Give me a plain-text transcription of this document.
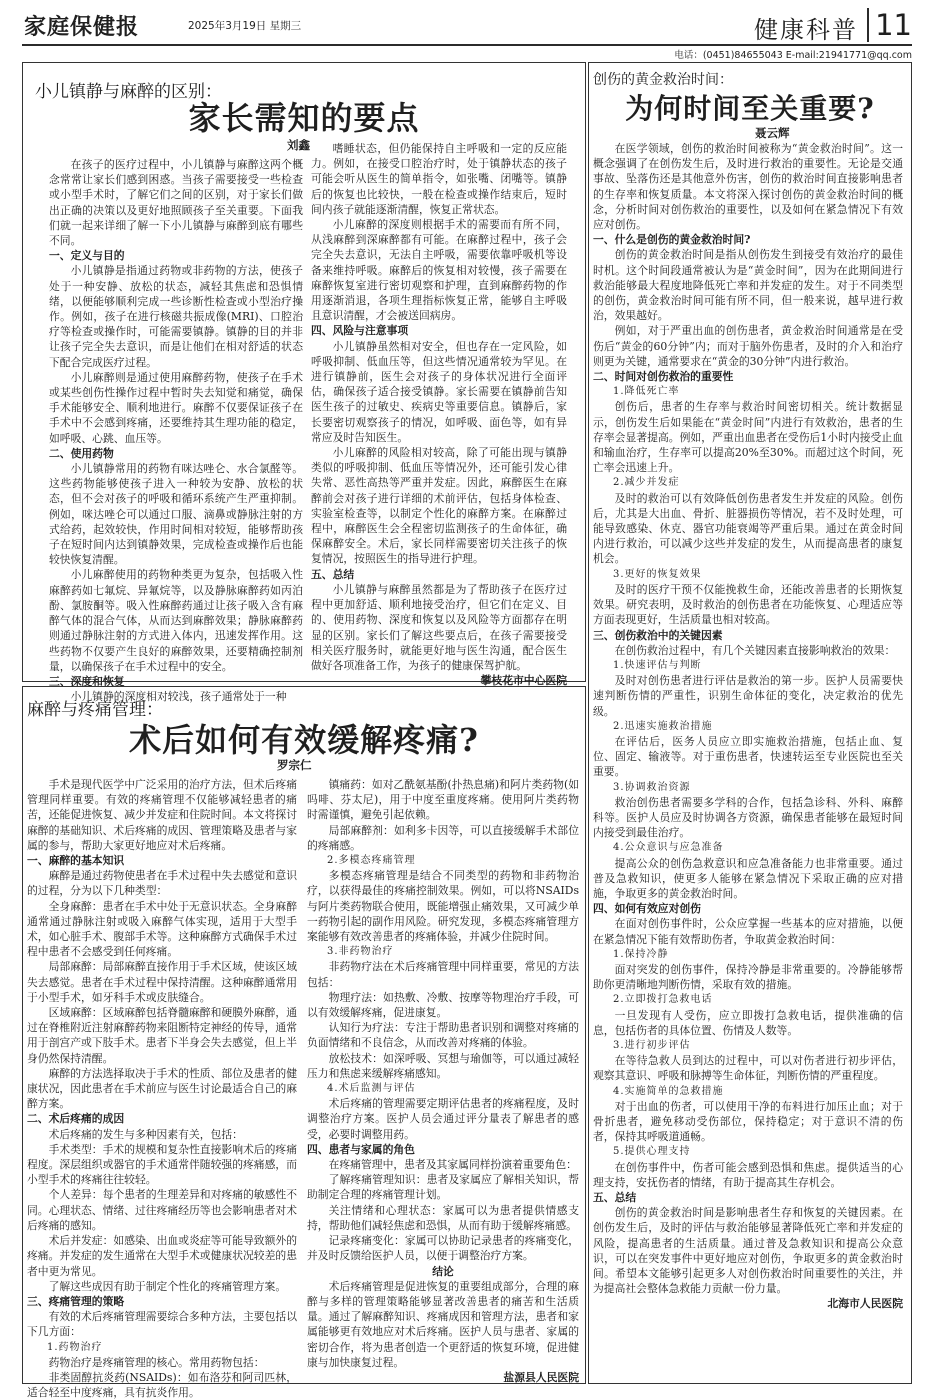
家庭保健报	2025年3月19日 星期三	健康科普 11
电话：(0451)84655043 E-mail:21941771@qq.com
小儿镇静与麻醉的区别：
家长需知的要点
刘鑫

在孩子的医疗过程中，小儿镇静与麻醉这两个概念常常让家长们感到困惑。当孩子需要接受一些检查或小型手术时，了解它们之间的区别，对于家长们做出正确的决策以及更好地照顾孩子至关重要。下面我们就一起来详细了解一下小儿镇静与麻醉到底有哪些不同。

一、定义与目的

小儿镇静是指通过药物或非药物的方法，使孩子处于一种安静、放松的状态，减轻其焦虑和恐惧情绪，以便能够顺利完成一些诊断性检查或小型治疗操作。例如，孩子在进行核磁共振成像(MRI)、口腔治疗等检查或操作时，可能需要镇静。镇静的目的并非让孩子完全失去意识，而是让他们在相对舒适的状态下配合完成医疗过程。

小儿麻醉则是通过使用麻醉药物，使孩子在手术或某些创伤性操作过程中暂时失去知觉和痛觉，确保手术能够安全、顺利地进行。麻醉不仅要保证孩子在手术中不会感到疼痛，还要维持其生理功能的稳定，如呼吸、心跳、血压等。

二、使用药物

小儿镇静常用的药物有咪达唑仑、水合氯醛等。这些药物能够使孩子进入一种较为安静、放松的状态，但不会对孩子的呼吸和循环系统产生严重抑制。例如，咪达唑仑可以通过口服、滴鼻或静脉注射的方式给药，起效较快，作用时间相对较短，能够帮助孩子在短时间内达到镇静效果，完成检查或操作后也能较快恢复清醒。

小儿麻醉使用的药物种类更为复杂，包括吸入性麻醉药如七氟烷、异氟烷等，以及静脉麻醉药如丙泊酚、氯胺酮等。吸入性麻醉药通过让孩子吸入含有麻醉气体的混合气体，从而达到麻醉效果；静脉麻醉药则通过静脉注射的方式进入体内，迅速发挥作用。这些药物不仅要产生良好的麻醉效果，还要精确控制剂量，以确保孩子在手术过程中的安全。

三、深度和恢复

小儿镇静的深度相对较浅，孩子通常处于一种

嗜睡状态，但仍能保持自主呼吸和一定的反应能力。例如，在接受口腔治疗时，处于镇静状态的孩子可能会听从医生的简单指令，如张嘴、闭嘴等。镇静后的恢复也比较快，一般在检查或操作结束后，短时间内孩子就能逐渐清醒，恢复正常状态。

小儿麻醉的深度则根据手术的需要而有所不同，从浅麻醉到深麻醉都有可能。在麻醉过程中，孩子会完全失去意识，无法自主呼吸，需要依靠呼吸机等设备来维持呼吸。麻醉后的恢复相对较慢，孩子需要在麻醉恢复室进行密切观察和护理，直到麻醉药物的作用逐渐消退，各项生理指标恢复正常，能够自主呼吸且意识清醒，才会被送回病房。

四、风险与注意事项

小儿镇静虽然相对安全，但也存在一定风险，如呼吸抑制、低血压等，但这些情况通常较为罕见。在进行镇静前，医生会对孩子的身体状况进行全面评估，确保孩子适合接受镇静。家长需要在镇静前告知医生孩子的过敏史、疾病史等重要信息。镇静后，家长要密切观察孩子的情况，如呼吸、面色等，如有异常应及时告知医生。

小儿麻醉的风险相对较高，除了可能出现与镇静类似的呼吸抑制、低血压等情况外，还可能引发心律失常、恶性高热等严重并发症。因此，麻醉医生在麻醉前会对孩子进行详细的术前评估，包括身体检查、实验室检查等，以制定个性化的麻醉方案。在麻醉过程中，麻醉医生会全程密切监测孩子的生命体征，确保麻醉安全。术后，家长同样需要密切关注孩子的恢复情况，按照医生的指导进行护理。

五、总结

小儿镇静与麻醉虽然都是为了帮助孩子在医疗过程中更加舒适、顺利地接受治疗，但它们在定义、目的、使用药物、深度和恢复以及风险等方面都存在明显的区别。家长们了解这些要点后，在孩子需要接受相关医疗服务时，就能更好地与医生沟通，配合医生做好各项准备工作，为孩子的健康保驾护航。

攀枝花市中心医院
麻醉与疼痛管理：
术后如何有效缓解疼痛?
罗宗仁

手术是现代医学中广泛采用的治疗方法，但术后疼痛管理同样重要。有效的疼痛管理不仅能够减轻患者的痛苦，还能促进恢复、减少并发症和住院时间。本文将探讨麻醉的基础知识、术后疼痛的成因、管理策略及患者与家属的参与，帮助大家更好地应对术后疼痛。

一、麻醉的基本知识

麻醉是通过药物使患者在手术过程中失去感觉和意识的过程，分为以下几种类型：

全身麻醉：患者在手术中处于无意识状态。全身麻醉通常通过静脉注射或吸入麻醉气体实现，适用于大型手术，如心脏手术、腹部手术等。这种麻醉方式确保手术过程中患者不会感受到任何疼痛。

局部麻醉：局部麻醉直接作用于手术区域，使该区域失去感觉。患者在手术过程中保持清醒。这种麻醉通常用于小型手术，如牙科手术或皮肤缝合。

区域麻醉：区域麻醉包括脊髓麻醉和硬膜外麻醉，通过在脊椎附近注射麻醉药物来阻断特定神经的传导，通常用于剖宫产或下肢手术。患者下半身会失去感觉，但上半身仍然保持清醒。

麻醉的方法选择取决于手术的性质、部位及患者的健康状况，因此患者在手术前应与医生讨论最适合自己的麻醉方案。

二、术后疼痛的成因

术后疼痛的发生与多种因素有关，包括：

手术类型：手术的规模和复杂性直接影响术后的疼痛程度。深层组织或器官的手术通常伴随较强的疼痛感，而小型手术的疼痛往往较轻。

个人差异：每个患者的生理差异和对疼痛的敏感性不同。心理状态、情绪、过往疼痛经历等也会影响患者对术后疼痛的感知。

术后并发症：如感染、出血或炎症等可能导致额外的疼痛。并发症的发生通常在大型手术或健康状况较差的患者中更为常见。

了解这些成因有助于制定个性化的疼痛管理方案。

三、疼痛管理的策略

有效的术后疼痛管理需要综合多种方法，主要包括以下几方面：

1.药物治疗

药物治疗是疼痛管理的核心。常用药物包括：

非类固醇抗炎药(NSAIDs)：如布洛芬和阿司匹林，适合轻至中度疼痛，具有抗炎作用。

镇痛药：如对乙酰氨基酚(扑热息痛)和阿片类药物(如吗啡、芬太尼)，用于中度至重度疼痛。使用阿片类药物时需谨慎，避免引起依赖。

局部麻醉剂：如利多卡因等，可以直接缓解手术部位的疼痛感。

2.多模态疼痛管理

多模态疼痛管理是结合不同类型的药物和非药物治疗，以获得最佳的疼痛控制效果。例如，可以将NSAIDs与阿片类药物联合使用，既能增强止痛效果，又可减少单一药物引起的副作用风险。研究发现，多模态疼痛管理方案能够有效改善患者的疼痛体验，并减少住院时间。

3.非药物治疗

非药物疗法在术后疼痛管理中同样重要，常见的方法包括：

物理疗法：如热敷、冷敷、按摩等物理治疗手段，可以有效缓解疼痛，促进康复。

认知行为疗法：专注于帮助患者识别和调整对疼痛的负面情绪和不良信念，从而改善对疼痛的体验。

放松技术：如深呼吸、冥想与瑜伽等，可以通过减轻压力和焦虑来缓解疼痛感知。

4.术后监测与评估

术后疼痛的管理需要定期评估患者的疼痛程度，及时调整治疗方案。医护人员会通过评分量表了解患者的感受，必要时调整用药。

四、患者与家属的角色

在疼痛管理中，患者及其家属同样扮演着重要角色：

了解疼痛管理知识：患者及家属应了解相关知识，帮助制定合理的疼痛管理计划。

关注情绪和心理状态：家属可以为患者提供情感支持，帮助他们减轻焦虑和恐惧，从而有助于缓解疼痛感。

记录疼痛变化：家属可以协助记录患者的疼痛变化，并及时反馈给医护人员，以便于调整治疗方案。

结论

术后疼痛管理是促进恢复的重要组成部分，合理的麻醉与多样的管理策略能够显著改善患者的痛苦和生活质量。通过了解麻醉知识、疼痛成因和管理方法，患者和家属能够更有效地应对术后疼痛。医护人员与患者、家属的密切合作，将为患者创造一个更舒适的恢复环境，促进健康与加快康复过程。

盐源县人民医院
创伤的黄金救治时间：
为何时间至关重要?
聂云辉

在医学领域，创伤的救治时间被称为“黄金救治时间”。这一概念强调了在创伤发生后，及时进行救治的重要性。无论是交通事故、坠落伤还是其他意外伤害，创伤的救治时间直接影响患者的生存率和恢复质量。本文将深入探讨创伤的黄金救治时间的概念，分析时间对创伤救治的重要性，以及如何在紧急情况下有效应对创伤。

一、什么是创伤的黄金救治时间?

创伤的黄金救治时间是指从创伤发生到接受有效治疗的最佳时机。这个时间段通常被认为是“黄金时间”，因为在此期间进行救治能够最大程度地降低死亡率和并发症的发生。对于不同类型的创伤，黄金救治时间可能有所不同，但一般来说，越早进行救治，效果越好。

例如，对于严重出血的创伤患者，黄金救治时间通常是在受伤后“黄金的60分钟”内；而对于脑外伤患者，及时的介入和治疗则更为关键，通常要求在“黄金的30分钟”内进行救治。

二、时间对创伤救治的重要性
1.降低死亡率

创伤后，患者的生存率与救治时间密切相关。统计数据显示，创伤发生后如果能在“黄金时间”内进行有效救治，患者的生存率会显著提高。例如，严重出血患者在受伤后1小时内接受止血和输血治疗，生存率可以提高20%至30%。而超过这个时间，死亡率会迅速上升。

2.减少并发症

及时的救治可以有效降低创伤患者发生并发症的风险。创伤后，尤其是大出血、骨折、脏器损伤等情况，若不及时处理，可能导致感染、休克、器官功能衰竭等严重后果。通过在黄金时间内进行救治，可以减少这些并发症的发生，从而提高患者的康复机会。

3.更好的恢复效果

及时的医疗干预不仅能挽救生命，还能改善患者的长期恢复效果。研究表明，及时救治的创伤患者在功能恢复、心理适应等方面表现更好，生活质量也相对较高。

三、创伤救治中的关键因素

在创伤救治过程中，有几个关键因素直接影响救治的效果：

1.快速评估与判断

及时对创伤患者进行评估是救治的第一步。医护人员需要快速判断伤情的严重性，识别生命体征的变化，决定救治的优先级。

2.迅速实施救治措施

在评估后，医务人员应立即实施救治措施，包括止血、复位、固定、输液等。对于重伤患者，快速转运至专业医院也至关重要。

3.协调救治资源

救治创伤患者需要多学科的合作，包括急诊科、外科、麻醉科等。医护人员应及时协调各方资源，确保患者能够在最短时间内接受到最佳治疗。

4.公众意识与应急准备

提高公众的创伤急救意识和应急准备能力也非常重要。通过普及急救知识，使更多人能够在紧急情况下采取正确的应对措施，争取更多的黄金救治时间。

四、如何有效应对创伤

在面对创伤事件时，公众应掌握一些基本的应对措施，以便在紧急情况下能有效帮助伤者，争取黄金救治时间：

1.保持冷静

面对突发的创伤事件，保持冷静是非常重要的。冷静能够帮助你更清晰地判断伤情，采取有效的措施。

2.立即拨打急救电话

一旦发现有人受伤，应立即拨打急救电话，提供准确的信息，包括伤者的具体位置、伤情及人数等。

3.进行初步评估

在等待急救人员到达的过程中，可以对伤者进行初步评估，观察其意识、呼吸和脉搏等生命体征，判断伤情的严重程度。

4.实施简单的急救措施

对于出血的伤者，可以使用干净的布料进行加压止血；对于骨折患者，避免移动受伤部位，保持稳定；对于意识不清的伤者，保持其呼吸道通畅。

5.提供心理支持

在创伤事件中，伤者可能会感到恐惧和焦虑。提供适当的心理支持，安抚伤者的情绪，有助于提高其生存机会。

五、总结

创伤的黄金救治时间是影响患者生存和恢复的关键因素。在创伤发生后，及时的评估与救治能够显著降低死亡率和并发症的风险，提高患者的生活质量。通过普及急救知识和提高公众意识，可以在突发事件中更好地应对创伤，争取更多的黄金救治时间。希望本文能够引起更多人对创伤救治时间重要性的关注，并为提高社会整体急救能力贡献一份力量。

北海市人民医院
